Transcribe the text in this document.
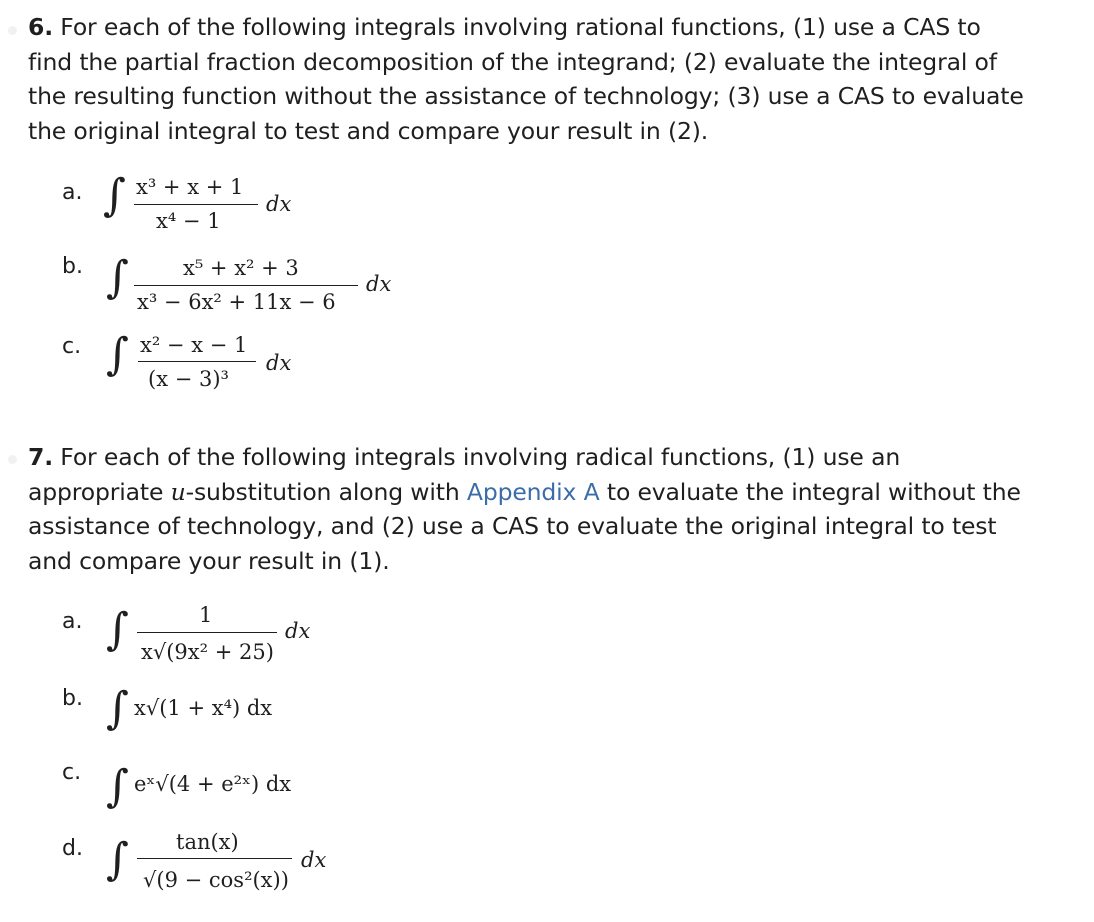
6. For each of the following integrals involving rational functions, (1) use a CAS to find the partial fraction decomposition of the integrand; (2) evaluate the integral of the resulting function without the assistance of technology; (3) use a CAS to evaluate the original integral to test and compare your result in (2).
a. ∫ x³ + x + 1
x⁴ − 1
dx
b. ∫	x⁵ + x² + 3
x³ − 6x² + 11x − 6
dx
c. ∫ x² − x − 1
(x − 3)³
dx
7. For each of the following integrals involving radical functions, (1) use an appropriate u-substitution along with Appendix A to evaluate the integral without the assistance of technology, and (2) use a CAS to evaluate the original integral to test and compare your result in (1).
a. ∫	1
x√(9x² + 25)
dx
b. ∫ x√(1 + x⁴) dx
c. ∫ eˣ√(4 + e²ˣ) dx
d. ∫ tan(x)
√(9 − cos²(x))
dx
